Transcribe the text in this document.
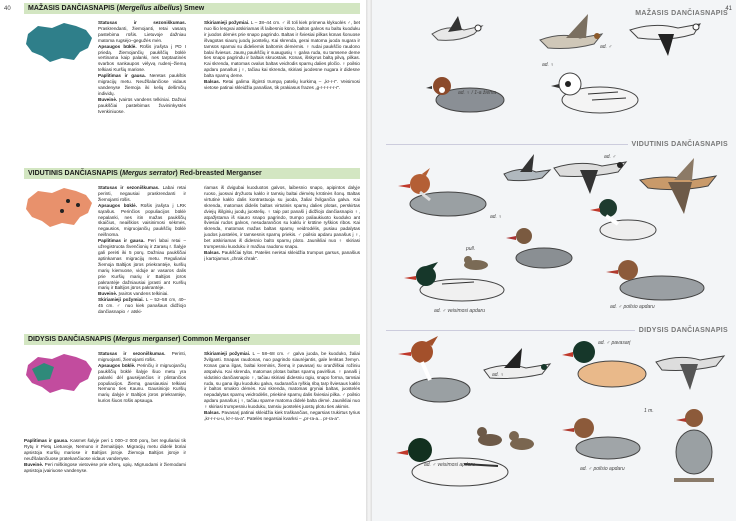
40	MAŽASIS DANČIASNAPIS (Mergellus albellus) Smew

Statusas ir sezoniškumas. Praskrendanti, žiemojanti, retai vasarą pastebima rūšis. Lietuvoje dažniau matoma rugsėjo–gegužės mėn.

Apsaugos būklė. Rūšis įrašyta į PD I priedą. Žiemojančių paukščių būklė vertinama kaip palanki, nes tarptautinės svarbos sankaupos vėlyvą rudenį–žiemą telkiasi Kuršių mariose.

Paplitimas ir gausa. Neretas paukštis migracijų metu. Neužšalančiose vidaus vandenyse žiemoja iki kelių dešimčių individų.

Buveinė. Įvairūs vandens telkiniai. Dažnai paukščiai pastebimas žuvininkystės tvenkiniuose.

Skiriamieji požymiai. L – 38–44 cm. ♂ iš toli kiek primena klykuolės ♂, bet nuo šio lengvai atskiriamas iš laibesnio kūno, baltos galvos su baltu kuoduku ir juodos dėmės prie snapo pagrindo. Baltas ir šviesiai pilkas kūnas šonuose išvagotas siaurų juodų juostelių. Kai skrenda, gerai matoma juoda nugara ir tamsūs sparnai su dideliemis baltomis dėmėmis. ♀ rudai paukščio raudono balai šviesus. Jaunų paukščių ir suaugusių ♀ galva ruda, su tamsene deme ties snapo pagrindu ir baltais skruostais. Kūnas, išskyrus baltą pilvą, pilkas. Kai skrenda, matomas ovalus baltas veidrodis sparnų dalies pločio. ♀ poilsio apdaru panašus į ♀, tačiau kai skrenda, skiriasi juodesne nugara ir didesne balta sparnų deme.

Balsas. Retai galima išgirsti trumpą patelių kurkimą – „kr-r-r“. Veisimosi vietose patinai skleidžia panašias, tik prakiasus frazes „g-r-r-r-r-r-r“.

VIDUTINIS DANČIASNAPIS (Mergus serrator) Red-breasted Merganser

Statusas ir sezoniškumas. Labai retai perinti, negausiai praskrendanti ir žiemojanti rūšis.

Apsaugos būklė. Rūšis įrašyta į LRK sąrašus. Perinčios populiacijos būklė nepalanki, nes itin mažas paukščių skaičius, neaiškios vaisinimosi sėkmės, negausios, migruojančių paukščių būklė neišnoma.

Paplitimas ir gausa. Peri labai retai – užregistruota Švenčionių ir Zarasų r. Šalyje gali perėti iki 5 porų. Dažniau paukščiai aptinkamas migracijų metu. Reguliariai žiemoja Baltijos jūros priekrantėje, kuršių marių kiemuose, viduje ar vasaros dalis prie Kuršių marių ir Baltijos jūros pakrantėje dažniausiai įprasti ant Kuršių marių ir Baltijos jūros pakrantėje.

Buveinė. Įvairūs vandens telkiniai.

Skiriamieji požymiai. L – 52–58 cm, 40–45 cm. ♂ nuo kiek panašaus didžiojo dančiasnapio ♂ atski-

riamas iš dvigubai kuoduotos galvos, laibesnio snapo, apipintos dalyje ruoso, juosvai dryžuotu kaklo ir tamsių baltai dėmėtų krūtinės šonų. Baltas virtutinė kaklo dalis kontrastuoja su juoda, žaliai žvilgančia galva. Kai skrenda, matomas didelis baltas virtutinis sparnų dalies plotas, perskirtas dviejų išilginių juodų juostelių. ♀ taip pat panaši į didžiojo dančiasnapio ♀, atpažįstama iš siauro snapo pagrindo, trumpo paliaukiuoto kuoduko ant šviesiai rudos galvos, nesudarančios su kaklu ir krūtine ryškios ribos. Kai skrenda, matomas mažas baltas sparnų veidrodėlis, pusiau padalytas juodos juostelės, ir tamsesnis sparnų priekis. ♂ poilsio apdaru panašus į ♀, bet atskiriamas iš didesnio balto sparnų ploto. Jaunikliai nuo ♀ skiriasi trumpesniu kuoduku ir mažiau raudonu snapu.

Balsas. Paukščiai tylūs. Patelės nerėtai skleidžia trumpus garsus, panašius į kartojamus „chrak chrak“.

DIDYSIS DANČIASNAPIS (Mergus merganser) Common Merganser

Statusas ir sezoniškumas. Perinti, migruojanti, žiemojanti rūšis.

Apsaugos būklė. Perinčių ir migruojančių paukščių būklė šalyje šiuo metu yra palanki dėl gausėjančios ir plintančios populiacijos. Žiemą gausiausiai telkiasi Nemuno ties Kaunu. Gausiniojo Kuršių marių dalyje ir Baltijos jūros priekrantėje, kurios šiuos rūšis apsauga.

Paplitimas ir gausa. Kasmet šalyje peri 1 000–2 000 porų, bet reguliariai tik Rytų ir Pietų Lietuvoje, Nemuno ir Žemaitijoje. Migracijų metu didelė būriai apsistoja Kuršių mariose ir Baltijos jūroje. Žiemoja Baltijos jūroje ir neužšalančiuose pratekančiuose vidaus vandenyse.

Buveinė. Peri miškingose vietovėse prie ežerų, upių. Migruodami ir žiemodami apsistoja įvairiuose vandenyse.

Skiriamieji požymiai. L – 58–68 cm. ♂ galva juoda, be kuoduko, žaliai žvilganti. Snapas raudonas, nuo pagrindo siaurėjantis, gale lenktas žemyn. Kūnas gana ilgas, baltai kreminis, žiemą ir pavasarį su oranžiškai rožiniu atspalviu. Kai skrenda, matomas plotas baltas sparnų paviršius. ♀ panaši į vidutinio dančiasnapio ♀, tačiau skiriasi didesniu ūgiu, snapo forma, tamsiai ruda, su gana ilgu kuoduku galva, sudarančia ryškią ribą tarp šviesaus kaklo ir baltos smakro dėmės. Kai skrenda, matomas gryniai baltas, juostelės nepadalytas sparnų veidrodėlis, priekinė sparnų dalis šviesiai pilka. ♂ poilsio apdaru panašus į ♀, tačiau sparne matoma didelė balta dėmė. Jaunikliai nuo ♀ skiriasi trumpesniu kuoduku, tamsiu juostelės juostų plotu ties akimis.

Balsas. Pavasarį patinai skleidžia kiek traškančias, negarsias trukirtus tyrius „kr-r-r-u-u, kr-r-ra-a“. Patelės negarsiai kvarksi – „pr-ra-a... pr-ra-a“.

41
MAŽASIS DANČIASNAPIS
ad. ♂
ad. ♀ / 1-a žiema
ad. ♀
VIDUTINIS DANČIASNAPIS
ad. ♀
ad. ♂
pull.
ad. ♂ veisimosi apdaru
ad. ♂ poilsio apdaru
DIDYSIS DANČIASNAPIS
ad. ♀
ad. ♂ pavasarį
ad. ♂ poilsio apdaru
1 m.
ad. ♂ veisimosi apdaru
